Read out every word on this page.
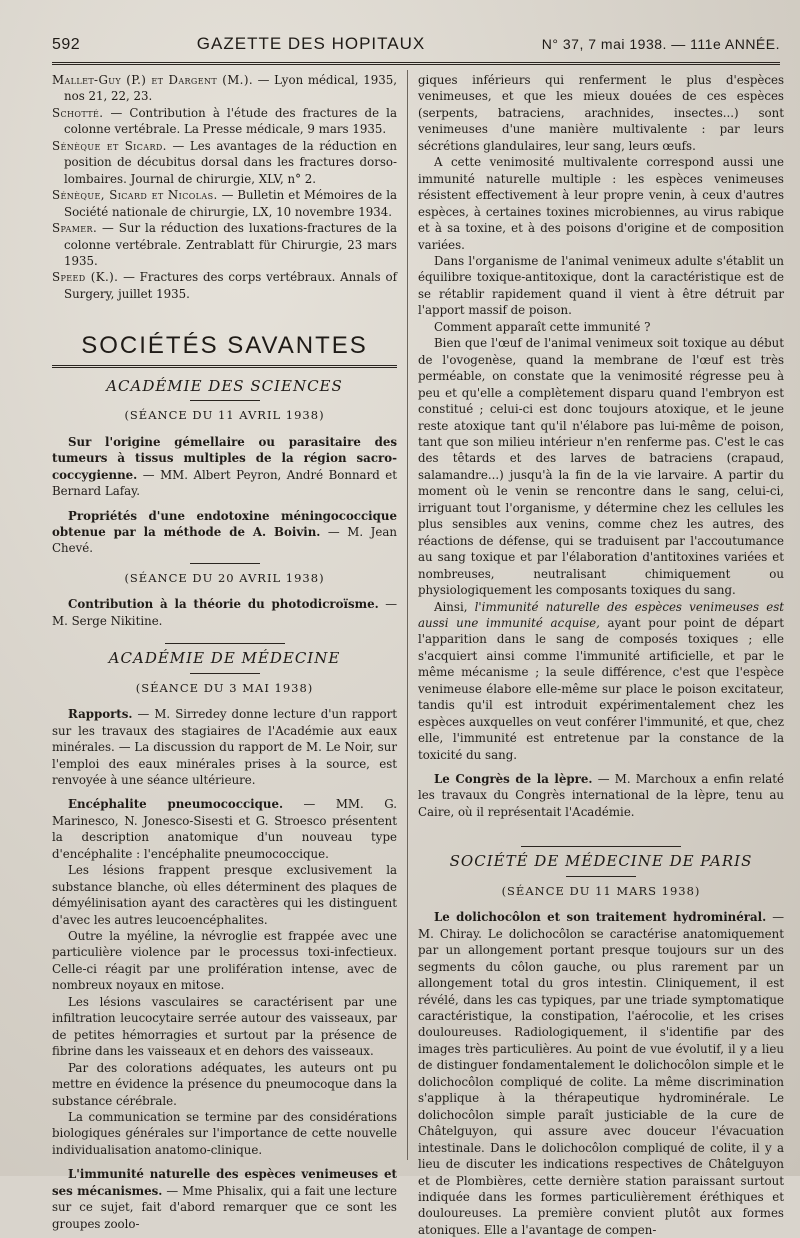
592	GAZETTE DES HOPITAUX	N° 37, 7 mai 1938. — 111e ANNÉE.
Mallet-Guy (P.) et Dargent (M.). — Lyon médical, 1935, nos 21, 22, 23.
Schotté. — Contribution à l'étude des fractures de la colonne vertébrale. La Presse médicale, 9 mars 1935.
Sénèque et Sicard. — Les avantages de la réduction en position de décubitus dorsal dans les fractures dorso-lombaires. Journal de chirurgie, XLV, n° 2.
Sénèque, Sicard et Nicolas. — Bulletin et Mémoires de la Société nationale de chirurgie, LX, 10 novembre 1934.
Spamer. — Sur la réduction des luxations-fractures de la colonne vertébrale. Zentrablatt für Chirurgie, 23 mars 1935.
Speed (K.). — Fractures des corps vertébraux. Annals of Surgery, juillet 1935.
SOCIÉTÉS SAVANTES
ACADÉMIE DES SCIENCES
(SÉANCE DU 11 AVRIL 1938)

Sur l'origine gémellaire ou parasitaire des tumeurs à tissus multiples de la région sacro-coccygienne. — MM. Albert Peyron, André Bonnard et Bernard Lafay.

Propriétés d'une endotoxine méningococcique obtenue par la méthode de A. Boivin. — M. Jean Chevé.

(SÉANCE DU 20 AVRIL 1938)

Contribution à la théorie du photodicroïsme. — M. Serge Nikitine.

ACADÉMIE DE MÉDECINE
(SÉANCE DU 3 MAI 1938)

Rapports. — M. Sirredey donne lecture d'un rapport sur les travaux des stagiaires de l'Académie aux eaux minérales. — La discussion du rapport de M. Le Noir, sur l'emploi des eaux minérales prises à la source, est renvoyée à une séance ultérieure.

Encéphalite pneumococcique. — MM. G. Marinesco, N. Jonesco-Sisesti et G. Stroesco présentent la description anatomique d'un nouveau type d'encéphalite : l'encéphalite pneumococcique.

Les lésions frappent presque exclusivement la substance blanche, où elles déterminent des plaques de démyélinisation ayant des caractères qui les distinguent d'avec les autres leucoencéphalites.

Outre la myéline, la névroglie est frappée avec une particulière violence par le processus toxi-infectieux. Celle-ci réagit par une prolifération intense, avec de nombreux noyaux en mitose.

Les lésions vasculaires se caractérisent par une infiltration leucocytaire serrée autour des vaisseaux, par de petites hémorragies et surtout par la présence de fibrine dans les vaisseaux et en dehors des vaisseaux.

Par des colorations adéquates, les auteurs ont pu mettre en évidence la présence du pneumocoque dans la substance cérébrale.

La communication se termine par des considérations biologiques générales sur l'importance de cette nouvelle individualisation anatomo-clinique.

L'immunité naturelle des espèces venimeuses et ses mécanismes. — Mme Phisalix, qui a fait une lecture sur ce sujet, fait d'abord remarquer que ce sont les groupes zoolo-

giques inférieurs qui renferment le plus d'espèces venimeuses, et que les mieux douées de ces espèces (serpents, batraciens, arachnides, insectes...) sont venimeuses d'une manière multivalente : par leurs sécrétions glandulaires, leur sang, leurs œufs.

A cette venimosité multivalente correspond aussi une immunité naturelle multiple : les espèces venimeuses résistent effectivement à leur propre venin, à ceux d'autres espèces, à certaines toxines microbiennes, au virus rabique et à sa toxine, et à des poisons d'origine et de composition variées.

Dans l'organisme de l'animal venimeux adulte s'établit un équilibre toxique-antitoxique, dont la caractéristique est de se rétablir rapidement quand il vient à être détruit par l'apport massif de poison.

Comment apparaît cette immunité ?

Bien que l'œuf de l'animal venimeux soit toxique au début de l'ovogenèse, quand la membrane de l'œuf est très perméable, on constate que la venimosité régresse peu à peu et qu'elle a complètement disparu quand l'embryon est constitué ; celui-ci est donc toujours atoxique, et le jeune reste atoxique tant qu'il n'élabore pas lui-même de poison, tant que son milieu intérieur n'en renferme pas. C'est le cas des têtards et des larves de batraciens (crapaud, salamandre...) jusqu'à la fin de la vie larvaire. A partir du moment où le venin se rencontre dans le sang, celui-ci, irriguant tout l'organisme, y détermine chez les cellules les plus sensibles aux venins, comme chez les autres, des réactions de défense, qui se traduisent par l'accoutumance au sang toxique et par l'élaboration d'antitoxines variées et nombreuses, neutralisant chimiquement ou physiologiquement les composants toxiques du sang.

Ainsi, l'immunité naturelle des espèces venimeuses est aussi une immunité acquise, ayant pour point de départ l'apparition dans le sang de composés toxiques ; elle s'acquiert ainsi comme l'immunité artificielle, et par le même mécanisme ; la seule différence, c'est que l'espèce venimeuse élabore elle-même sur place le poison excitateur, tandis qu'il est introduit expérimentalement chez les espèces auxquelles on veut conférer l'immunité, et que, chez elle, l'immunité est entretenue par la constance de la toxicité du sang.

Le Congrès de la lèpre. — M. Marchoux a enfin relaté les travaux du Congrès international de la lèpre, tenu au Caire, où il représentait l'Académie.

SOCIÉTÉ DE MÉDECINE DE PARIS
(SÉANCE DU 11 MARS 1938)

Le dolichocôlon et son traitement hydrominéral. — M. Chiray. Le dolichocôlon se caractérise anatomiquement par un allongement portant presque toujours sur un des segments du côlon gauche, ou plus rarement par un allongement total du gros intestin. Cliniquement, il est révélé, dans les cas typiques, par une triade symptomatique caractéristique, la constipation, l'aérocolie, et les crises douloureuses. Radiologiquement, il s'identifie par des images très particulières. Au point de vue évolutif, il y a lieu de distinguer fondamentalement le dolichocôlon simple et le dolichocôlon compliqué de colite. La même discrimination s'applique à la thérapeutique hydrominérale. Le dolichocôlon simple paraît justiciable de la cure de Châtelguyon, qui assure avec douceur l'évacuation intestinale. Dans le dolichocôlon compliqué de colite, il y a lieu de discuter les indications respectives de Châtelguyon et de Plombières, cette dernière station paraissant surtout indiquée dans les formes particulièrement éréthiques et douloureuses. La première convient plutôt aux formes atoniques. Elle a l'avantage de compen-
